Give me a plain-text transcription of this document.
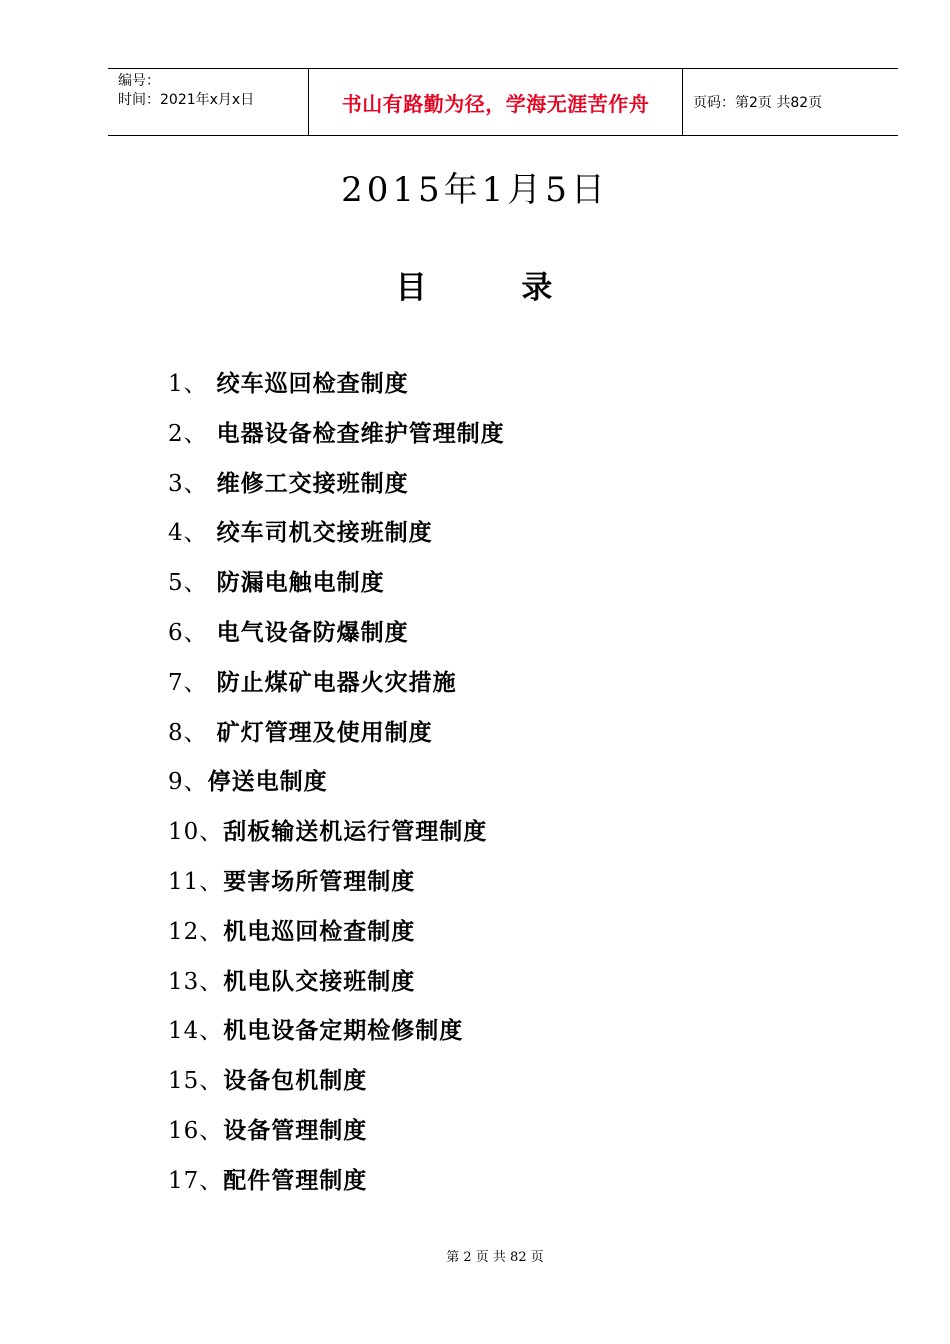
编号：
时间：2021年x月x日	书山有路勤为径，学海无涯苦作舟	页码：第2页 共82页
2015年1月5日
目 录
1、 绞车巡回检查制度
2、 电器设备检查维护管理制度
3、 维修工交接班制度
4、 绞车司机交接班制度
5、 防漏电触电制度
6、 电气设备防爆制度
7、 防止煤矿电器火灾措施
8、 矿灯管理及使用制度
9、停送电制度
10、刮板输送机运行管理制度
11、要害场所管理制度
12、机电巡回检查制度
13、机电队交接班制度
14、机电设备定期检修制度
15、设备包机制度
16、设备管理制度
17、配件管理制度
第 2 页 共 82 页
